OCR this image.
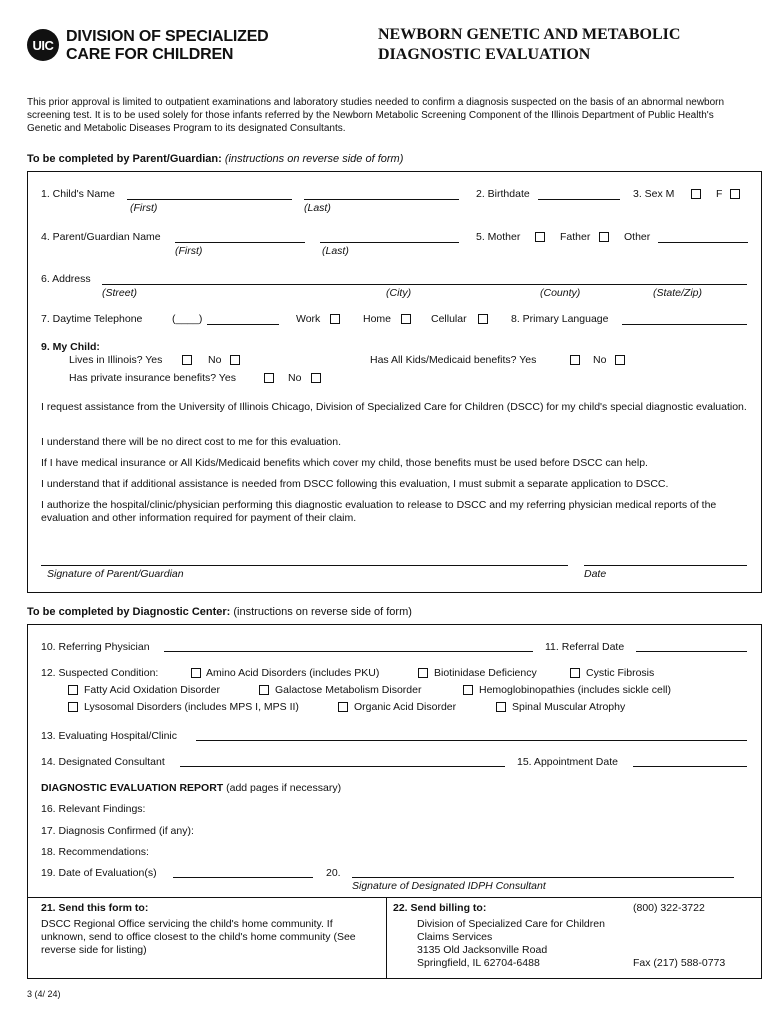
UIC DIVISION OF SPECIALIZED
CARE FOR CHILDREN
NEWBORN GENETIC AND METABOLIC
DIAGNOSTIC EVALUATION
This prior approval is limited to outpatient examinations and laboratory studies needed to confirm a diagnosis suspected on the basis of an abnormal newborn screening test. It is to be used solely for those infants referred by the Newborn Metabolic Screening Component of the Illinois Department of Public Health's Genetic and Metabolic Diseases Program to its designated Consultants.
To be completed by Parent/Guardian: (instructions on reverse side of form)
1. Child's Name
(First)	(Last)
2. Birthdate	3. Sex M	F
4. Parent/Guardian Name
(First)	(Last)
5. Mother	Father	Other
6. Address
(Street)	(City)	(County)	(State/Zip)
7. Daytime Telephone	(____)	Work	Home	Cellular	8. Primary Language
9. My Child:
Lives in Illinois? Yes	No	Has All Kids/Medicaid benefits? Yes	No
Has private insurance benefits? Yes	No
I request assistance from the University of Illinois Chicago, Division of Specialized Care for Children (DSCC) for my child's special diagnostic evaluation.
I understand there will be no direct cost to me for this evaluation.
If I have medical insurance or All Kids/Medicaid benefits which cover my child, those benefits must be used before DSCC can help.
I understand that if additional assistance is needed from DSCC following this evaluation, I must submit a separate application to DSCC.
I authorize the hospital/clinic/physician performing this diagnostic evaluation to release to DSCC and my referring physician medical reports of the evaluation and other information required for payment of their claim.
Signature of Parent/Guardian	Date
To be completed by Diagnostic Center: (instructions on reverse side of form)
10. Referring Physician	11. Referral Date
12. Suspected Condition:	Amino Acid Disorders (includes PKU)	Biotinidase Deficiency	Cystic Fibrosis
Fatty Acid Oxidation Disorder	Galactose Metabolism Disorder	Hemoglobinopathies (includes sickle cell)
Lysosomal Disorders (includes MPS I, MPS II)	Organic Acid Disorder	Spinal Muscular Atrophy
13. Evaluating Hospital/Clinic
14. Designated Consultant	15. Appointment Date
DIAGNOSTIC EVALUATION REPORT (add pages if necessary)
16. Relevant Findings:
17. Diagnosis Confirmed (if any):
18. Recommendations:
19. Date of Evaluation(s)	20.
Signature of Designated IDPH Consultant
21. Send this form to:
DSCC Regional Office servicing the child's home community. If unknown, send to office closest to the child's home community (See reverse side for listing)
22. Send billing to:	(800) 322-3722
Division of Specialized Care for Children
Claims Services
3135 Old Jacksonville Road
Springfield, IL 62704-6488	Fax (217) 588-0773
3 (4/ 24)
